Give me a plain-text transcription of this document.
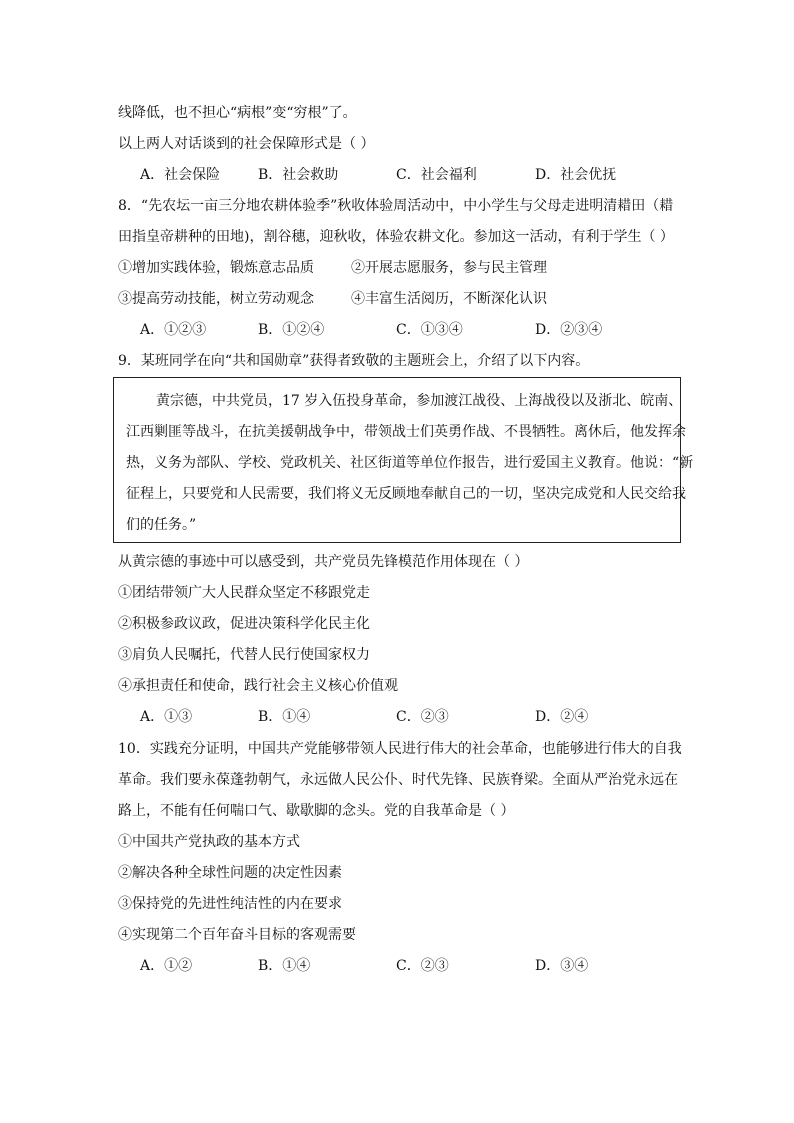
线降低，也不担心“病根”变“穷根”了。
以上两人对话谈到的社会保障形式是（ ）
A．社会保险	B．社会救助	C．社会福利	D．社会优抚
8．“先农坛一亩三分地农耕体验季”秋收体验周活动中，中小学生与父母走进明清耤田（耤
田指皇帝耕种的田地)，割谷穗，迎秋收，体验农耕文化。参加这一活动，有利于学生（ ）
①增加实践体验，锻炼意志品质	②开展志愿服务，参与民主管理
③提高劳动技能，树立劳动观念	④丰富生活阅历，不断深化认识
A．①②③	B．①②④	C．①③④	D．②③④
9．某班同学在向“共和国勋章”获得者致敬的主题班会上，介绍了以下内容。
黄宗德，中共党员，17 岁入伍投身革命，参加渡江战役、上海战役以及浙北、皖南、
江西剿匪等战斗，在抗美援朝战争中，带领战士们英勇作战、不畏牺牲。离休后，他发挥余
热，义务为部队、学校、党政机关、社区街道等单位作报告，进行爱国主义教育。他说：“新
征程上，只要党和人民需要，我们将义无反顾地奉献自己的一切，坚决完成党和人民交给我
们的任务。”
从黄宗德的事迹中可以感受到，共产党员先锋模范作用体现在（ ）
①团结带领广大人民群众坚定不移跟党走
②积极参政议政，促进决策科学化民主化
③肩负人民嘱托，代替人民行使国家权力
④承担责任和使命，践行社会主义核心价值观
A．①③	B．①④	C．②③	D．②④
10．实践充分证明，中国共产党能够带领人民进行伟大的社会革命，也能够进行伟大的自我
革命。我们要永葆蓬勃朝气，永远做人民公仆、时代先锋、民族脊梁。全面从严治党永远在
路上，不能有任何喘口气、歇歇脚的念头。党的自我革命是（ ）
①中国共产党执政的基本方式
②解决各种全球性问题的决定性因素
③保持党的先进性纯洁性的内在要求
④实现第二个百年奋斗目标的客观需要
A．①②	B．①④	C．②③	D．③④
